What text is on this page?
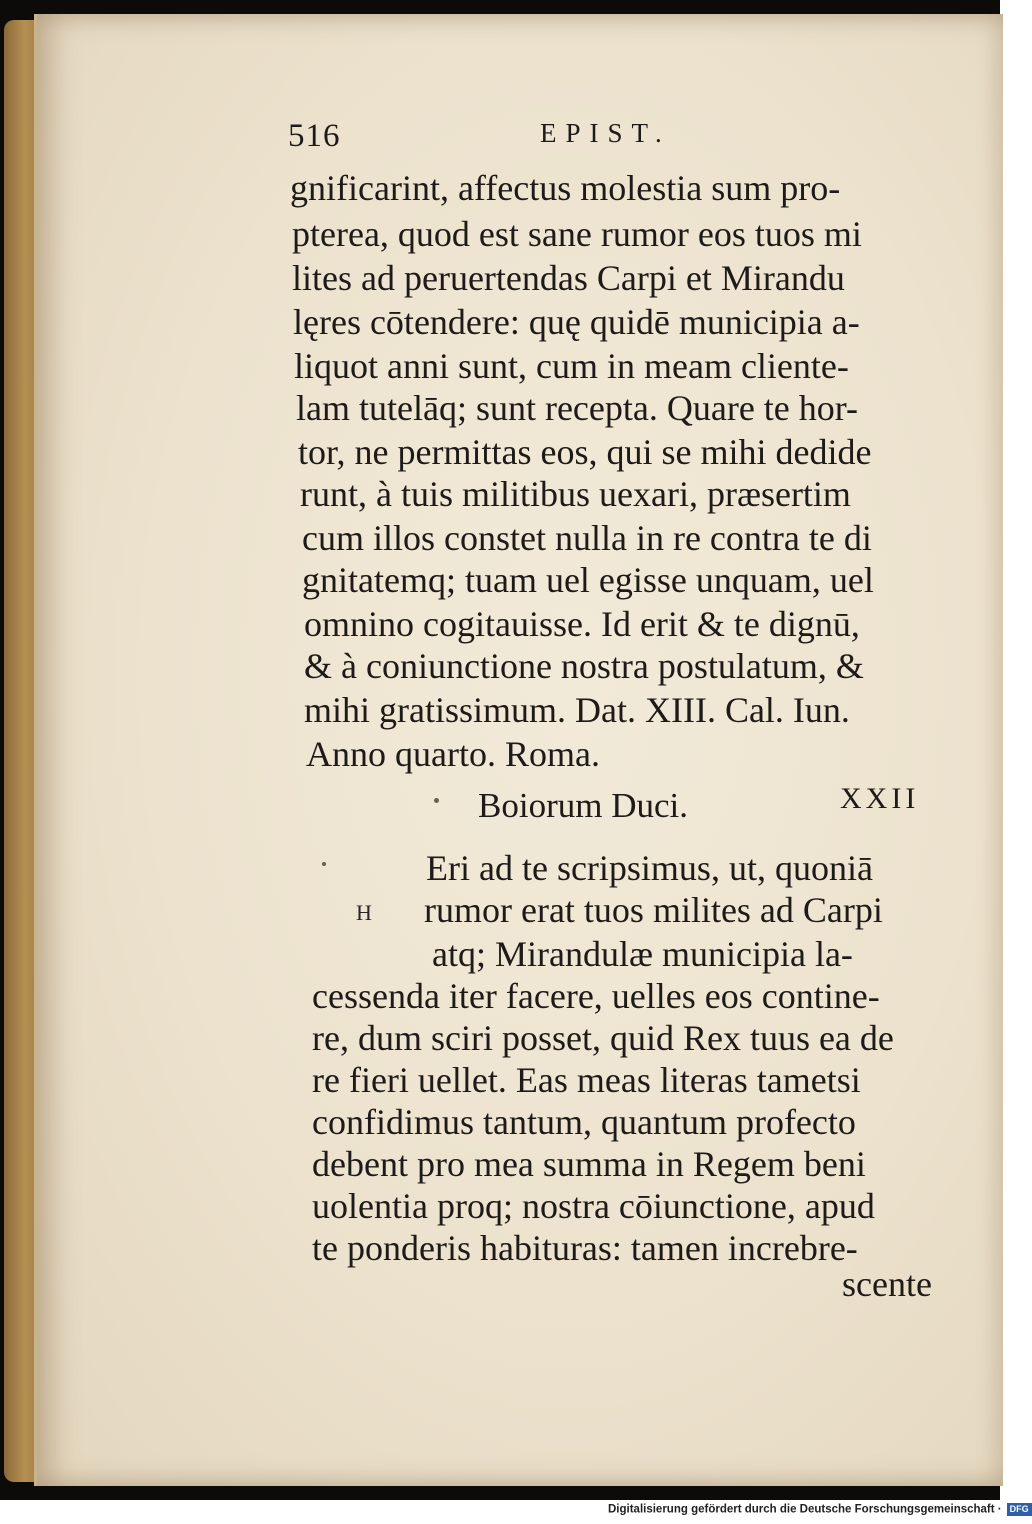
516	EPIST.
gnificarint, affectus molestia sum pro-
pterea, quod est sane rumor eos tuos mi
lites ad peruertendas Carpi et Mirandu
lęres cōtendere: quę quidē municipia a-
liquot anni sunt, cum in meam cliente-
lam tutelāq; sunt recepta. Quare te hor-
tor, ne permittas eos, qui se mihi dedide
runt, à tuis militibus uexari, præsertim
cum illos constet nulla in re contra te di
gnitatemq; tuam uel egisse unquam, uel
omnino cogitauisse. Id erit & te dignū,
& à coniunctione nostra postulatum, &
mihi gratissimum. Dat. XIII. Cal. Iun.
Anno quarto. Roma.
Boiorum Duci.	XXII
H
Eri ad te scripsimus, ut, quoniā
rumor erat tuos milites ad Carpi
atq; Mirandulæ municipia la-
cessenda iter facere, uelles eos contine-
re, dum sciri posset, quid Rex tuus ea de
re fieri uellet. Eas meas literas tametsi
confidimus tantum, quantum profecto
debent pro mea summa in Regem beni
uolentia proq; nostra cōiunctione, apud
te ponderis habituras: tamen increbre-
scente
Digitalisierung gefördert durch die Deutsche Forschungsgemeinschaft · DFG
